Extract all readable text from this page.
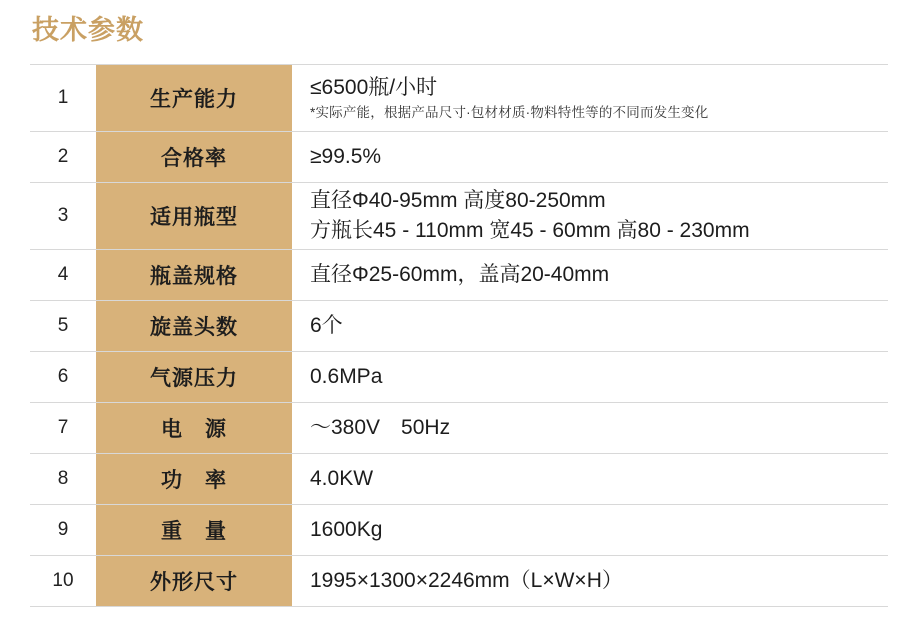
技术参数
1	生产能力	≤6500瓶/小时
*实际产能，根据产品尺寸·包材材质·物料特性等的不同而发生变化

2	合格率	≥99.5%

3	适用瓶型	直径Φ40-95mm 高度80-250mm
方瓶长45 - 110mm 宽45 - 60mm 高80 - 230mm

4	瓶盖规格	直径Φ25-60mm，盖高20-40mm

5	旋盖头数	6个

6	气源压力	0.6MPa

7	电　源	～380V　50Hz

8	功　率	4.0KW

9	重　量	1600Kg

10	外形尺寸	1995×1300×2246mm（L×W×H）
